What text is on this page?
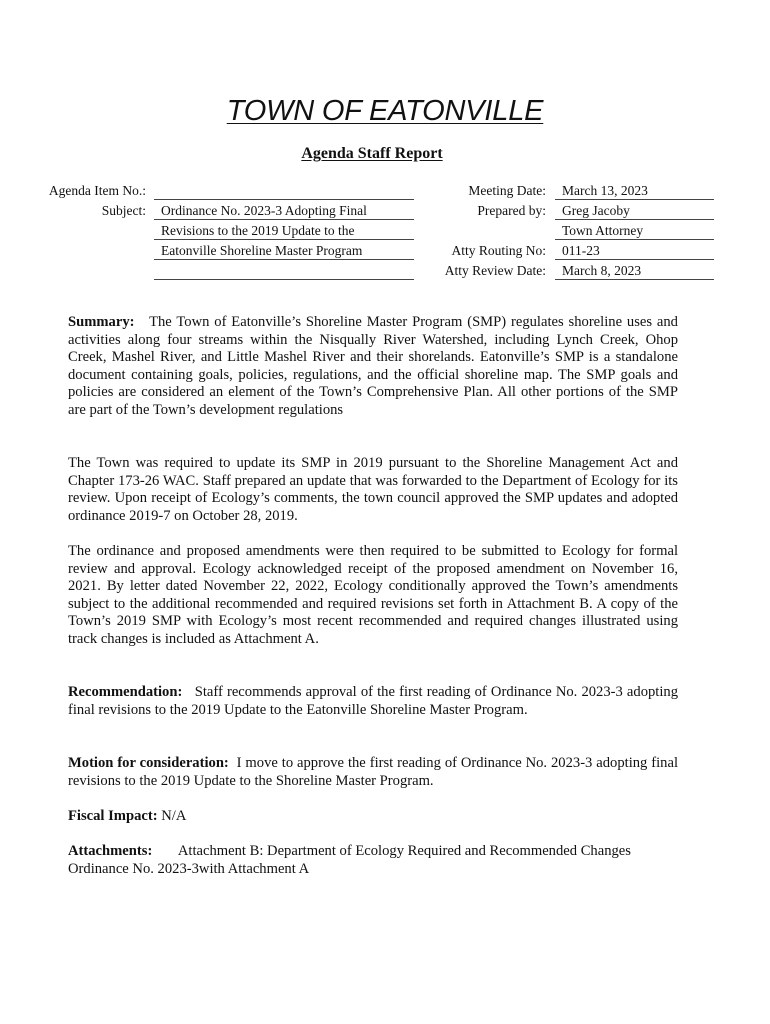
TOWN OF EATONVILLE
Agenda Staff Report
Agenda Item No.:
Subject:	Ordinance No. 2023-3 Adopting Final
Revisions to the 2019 Update to the
Eatonville Shoreline Master Program
Meeting Date:
Prepared by:
Atty Routing No:
Atty Review Date:
March 13, 2023
Greg Jacoby
Town Attorney
011-23
March 8, 2023

Summary: The Town of Eatonville’s Shoreline Master Program (SMP) regulates shoreline uses and activities along four streams within the Nisqually River Watershed, including Lynch Creek, Ohop Creek, Mashel River, and Little Mashel River and their shorelands. Eatonville’s SMP is a standalone document containing goals, policies, regulations, and the official shoreline map. The SMP goals and policies are considered an element of the Town’s Comprehensive Plan. All other portions of the SMP are part of the Town’s development regulations

The Town was required to update its SMP in 2019 pursuant to the Shoreline Management Act and Chapter 173-26 WAC. Staff prepared an update that was forwarded to the Department of Ecology for its review. Upon receipt of Ecology’s comments, the town council approved the SMP updates and adopted ordinance 2019-7 on October 28, 2019.

The ordinance and proposed amendments were then required to be submitted to Ecology for formal review and approval. Ecology acknowledged receipt of the proposed amendment on November 16, 2021. By letter dated November 22, 2022, Ecology conditionally approved the Town’s amendments subject to the additional recommended and required revisions set forth in Attachment B. A copy of the Town’s 2019 SMP with Ecology’s most recent recommended and required changes illustrated using track changes is included as Attachment A.

Recommendation: Staff recommends approval of the first reading of Ordinance No. 2023-3 adopting final revisions to the 2019 Update to the Eatonville Shoreline Master Program.

Motion for consideration: I move to approve the first reading of Ordinance No. 2023-3 adopting final revisions to the 2019 Update to the Shoreline Master Program.

Fiscal Impact: N/A

Attachments: Attachment B: Department of Ecology Required and Recommended Changes

Ordinance No. 2023-3with Attachment A
